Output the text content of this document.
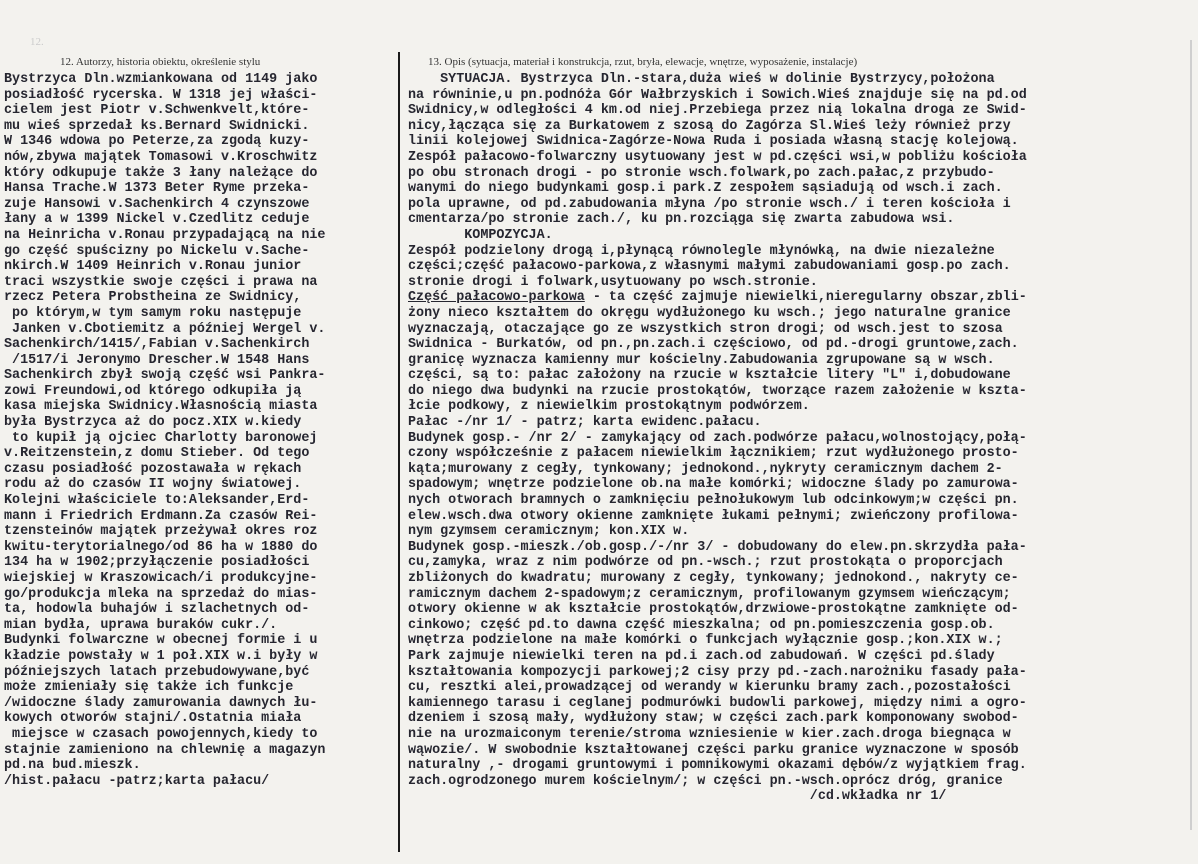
12.
12. Autorzy, historia obiektu, określenie stylu	13. Opis (sytuacja, materiał i konstrukcja, rzut, bryła, elewacje, wnętrze, wyposażenie, instalacje)
Bystrzyca Dln.wzmiankowana od 1149 jako
posiadłość rycerska. W 1318 jej właści-
cielem jest Piotr v.Schwenkvelt,które-
mu wieś sprzedał ks.Bernard Swidnicki.
W 1346 wdowa po Peterze,za zgodą kuzy-
nów,zbywa majątek Tomasowi v.Kroschwitz
który odkupuje także 3 łany należące do
Hansa Trache.W 1373 Beter Ryme przeka-
zuje Hansowi v.Sachenkirch 4 czynszowe
łany a w 1399 Nickel v.Czedlitz ceduje
na Heinricha v.Ronau przypadającą na nie
go część spuścizny po Nickelu v.Sache-
nkirch.W 1409 Heinrich v.Ronau junior
traci wszystkie swoje części i prawa na
rzecz Petera Probstheina ze Swidnicy,
po którym,w tym samym roku następuje
Janken v.Cbotiemitz a później Wergel v.
Sachenkirch/1415/,Fabian v.Sachenkirch
/1517/i Jeronymo Drescher.W 1548 Hans
Sachenkirch zbył swoją część wsi Pankra-
zowi Freundowi,od którego odkupiła ją
kasa miejska Swidnicy.Własnością miasta
była Bystrzyca aż do pocz.XIX w.kiedy
to kupił ją ojciec Charlotty baronowej
v.Reitzenstein,z domu Stieber. Od tego
czasu posiadłość pozostawała w rękach
rodu aż do czasów II wojny światowej.
Kolejni właściciele to:Aleksander,Erd-
mann i Friedrich Erdmann.Za czasów Rei-
tzensteinów majątek przeżywał okres roz
kwitu-terytorialnego/od 86 ha w 1880 do
134 ha w 1902;przyłączenie posiadłości
wiejskiej w Kraszowicach/i produkcyjne-
go/produkcja mleka na sprzedaż do mias-
ta, hodowla buhajów i szlachetnych od-
mian bydła, uprawa buraków cukr./.
Budynki folwarczne w obecnej formie i u
kładzie powstały w 1 poł.XIX w.i były w
późniejszych latach przebudowywane,być
może zmieniały się także ich funkcje
/widoczne ślady zamurowania dawnych łu-
kowych otworów stajni/.Ostatnia miała
miejsce w czasach powojennych,kiedy to
stajnie zamieniono na chlewnię a magazyn
pd.na bud.mieszk.
/hist.pałacu -patrz;karta pałacu/
SYTUACJA. Bystrzyca Dln.-stara,duża wieś w dolinie Bystrzycy,położona
na równinie,u pn.podnóża Gór Wałbrzyskich i Sowich.Wieś znajduje się na pd.od
Swidnicy,w odległości 4 km.od niej.Przebiega przez nią lokalna droga ze Swid-
nicy,łącząca się za Burkatowem z szosą do Zagórza Sl.Wieś leży również przy
linii kolejowej Swidnica-Zagórze-Nowa Ruda i posiada własną stację kolejową.
Zespół pałacowo-folwarczny usytuowany jest w pd.części wsi,w pobliżu kościoła
po obu stronach drogi - po stronie wsch.folwark,po zach.pałac,z przybudo-
wanymi do niego budynkami gosp.i park.Z zespołem sąsiadują od wsch.i zach.
pola uprawne, od pd.zabudowania młyna /po stronie wsch./ i teren kościoła i
cmentarza/po stronie zach./, ku pn.rozciąga się zwarta zabudowa wsi.
KOMPOZYCJA.
Zespół podzielony drogą i,płynącą równolegle młynówką, na dwie niezależne
części;część pałacowo-parkowa,z własnymi małymi zabudowaniami gosp.po zach.
stronie drogi i folwark,usytuowany po wsch.stronie.
Część pałacowo-parkowa - ta część zajmuje niewielki,nieregularny obszar,zbli-
żony nieco kształtem do okręgu wydłużonego ku wsch.; jego naturalne granice
wyznaczają, otaczające go ze wszystkich stron drogi; od wsch.jest to szosa
Swidnica - Burkatów, od pn.,pn.zach.i częściowo, od pd.-drogi gruntowe,zach.
granicę wyznacza kamienny mur kościelny.Zabudowania zgrupowane są w wsch.
części, są to: pałac założony na rzucie w kształcie litery "L" i,dobudowane
do niego dwa budynki na rzucie prostokątów, tworzące razem założenie w kszta-
łcie podkowy, z niewielkim prostokątnym podwórzem.
Pałac -/nr 1/ - patrz; karta ewidenc.pałacu.
Budynek gosp.- /nr 2/ - zamykający od zach.podwórze pałacu,wolnostojący,połą-
czony współcześnie z pałacem niewielkim łącznikiem; rzut wydłużonego prosto-
kąta;murowany z cegły, tynkowany; jednokond.,nykryty ceramicznym dachem 2-
spadowym; wnętrze podzielone ob.na małe komórki; widoczne ślady po zamurowa-
nych otworach bramnych o zamknięciu pełnołukowym lub odcinkowym;w części pn.
elew.wsch.dwa otwory okienne zamknięte łukami pełnymi; zwieńczony profilowa-
nym gzymsem ceramicznym; kon.XIX w.
Budynek gosp.-mieszk./ob.gosp./-/nr 3/ - dobudowany do elew.pn.skrzydła pała-
cu,zamyka, wraz z nim podwórze od pn.-wsch.; rzut prostokąta o proporcjach
zbliżonych do kwadratu; murowany z cegły, tynkowany; jednokond., nakryty ce-
ramicznym dachem 2-spadowym;z ceramicznym, profilowanym gzymsem wieńczącym;
otwory okienne w ak kształcie prostokątów,drzwiowe-prostokątne zamknięte od-
cinkowo; część pd.to dawna część mieszkalna; od pn.pomieszczenia gosp.ob.
wnętrza podzielone na małe komórki o funkcjach wyłącznie gosp.;kon.XIX w.;
Park zajmuje niewielki teren na pd.i zach.od zabudowań. W części pd.ślady
kształtowania kompozycji parkowej;2 cisy przy pd.-zach.narożniku fasady pała-
cu, resztki alei,prowadzącej od werandy w kierunku bramy zach.,pozostałości
kamiennego tarasu i ceglanej podmurówki budowli parkowej, między nimi a ogro-
dzeniem i szosą mały, wydłużony staw; w części zach.park komponowany swobod-
nie na urozmaiconym terenie/stroma wzniesienie w kier.zach.droga biegnąca w
wąwozie/. W swobodnie kształtowanej części parku granice wyznaczone w sposób
naturalny ,- drogami gruntowymi i pomnikowymi okazami dębów/z wyjątkiem frag.
zach.ogrodzonego murem kościelnym/; w części pn.-wsch.oprócz dróg, granice
/cd.wkładka nr 1/
